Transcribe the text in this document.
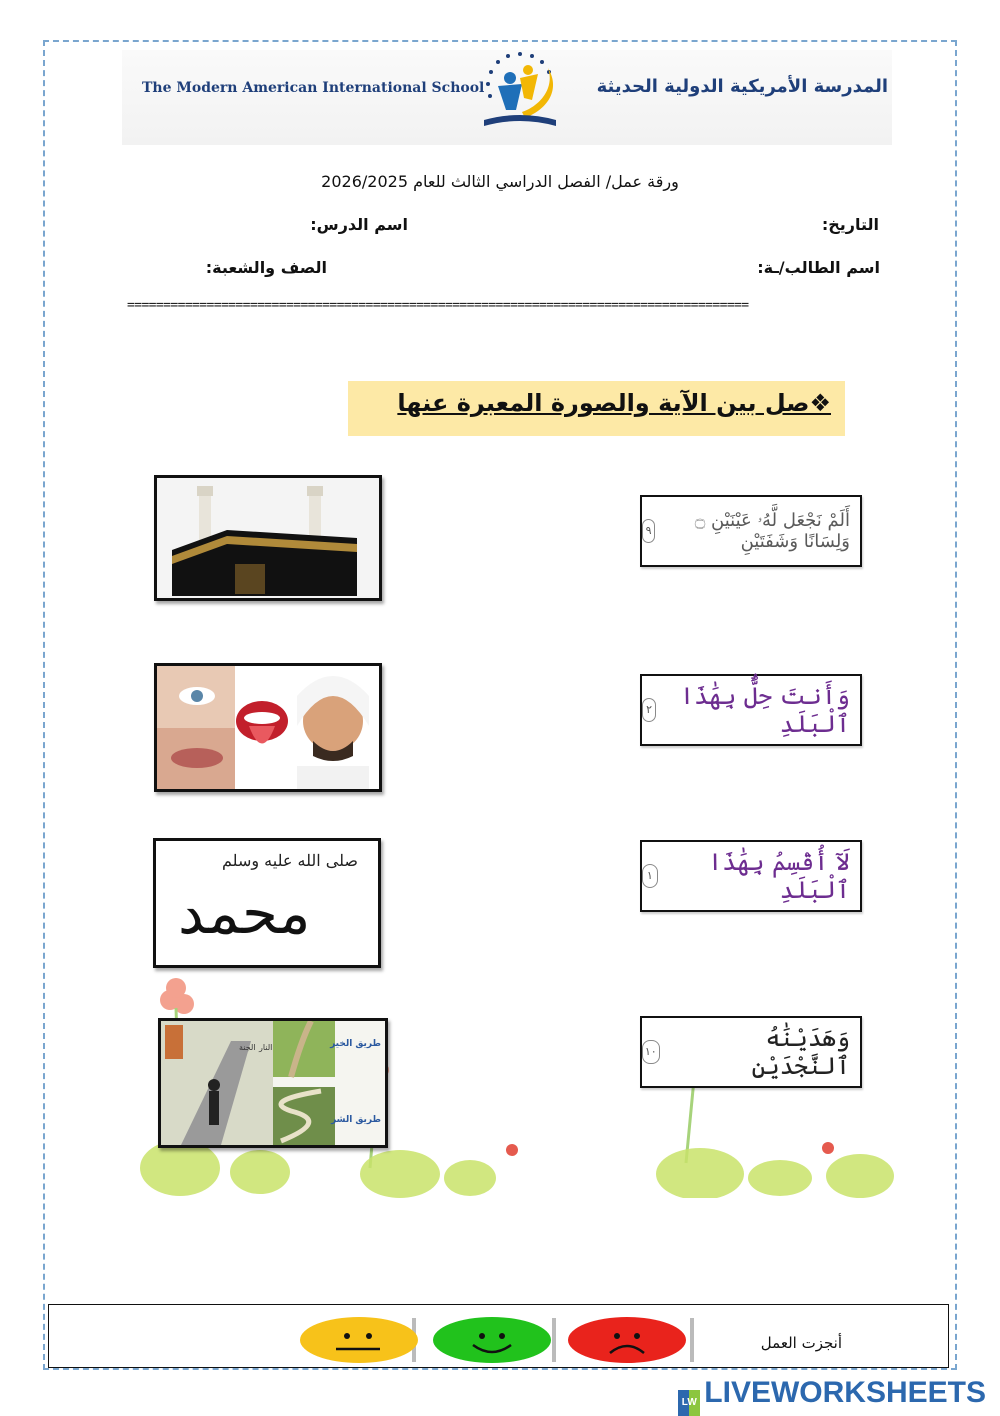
The Modern American International School	المدرسة الأمريكية الدولية الحديثة
ورقة عمل/ الفصل الدراسي الثالث للعام 2026/2025
التاريخ:
اسم الدرس:
اسم الطالب/ـة:
الصف والشعبة:
======================================================================================
❖صل بين الآية والصورة المعبرة عنها
صلى الله عليه وسلم
محمد
طريق الخير
طريق الشر
الجنة النار
أَلَمْ نَجْعَل لَّهُۥ عَيْنَيْنِ ۝ وَلِسَانًا وَشَفَتَيْنِ
٩
وَأَنتَ حِلٌّۢ بِهَٰذَا ٱلْبَلَدِ
٢
لَآ أُقْسِمُ بِهَٰذَا ٱلْبَلَدِ
١
وَهَدَيْنَٰهُ ٱلنَّجْدَيْنِ
١٠
أنجزت العمل
LW LIVEWORKSHEETS
